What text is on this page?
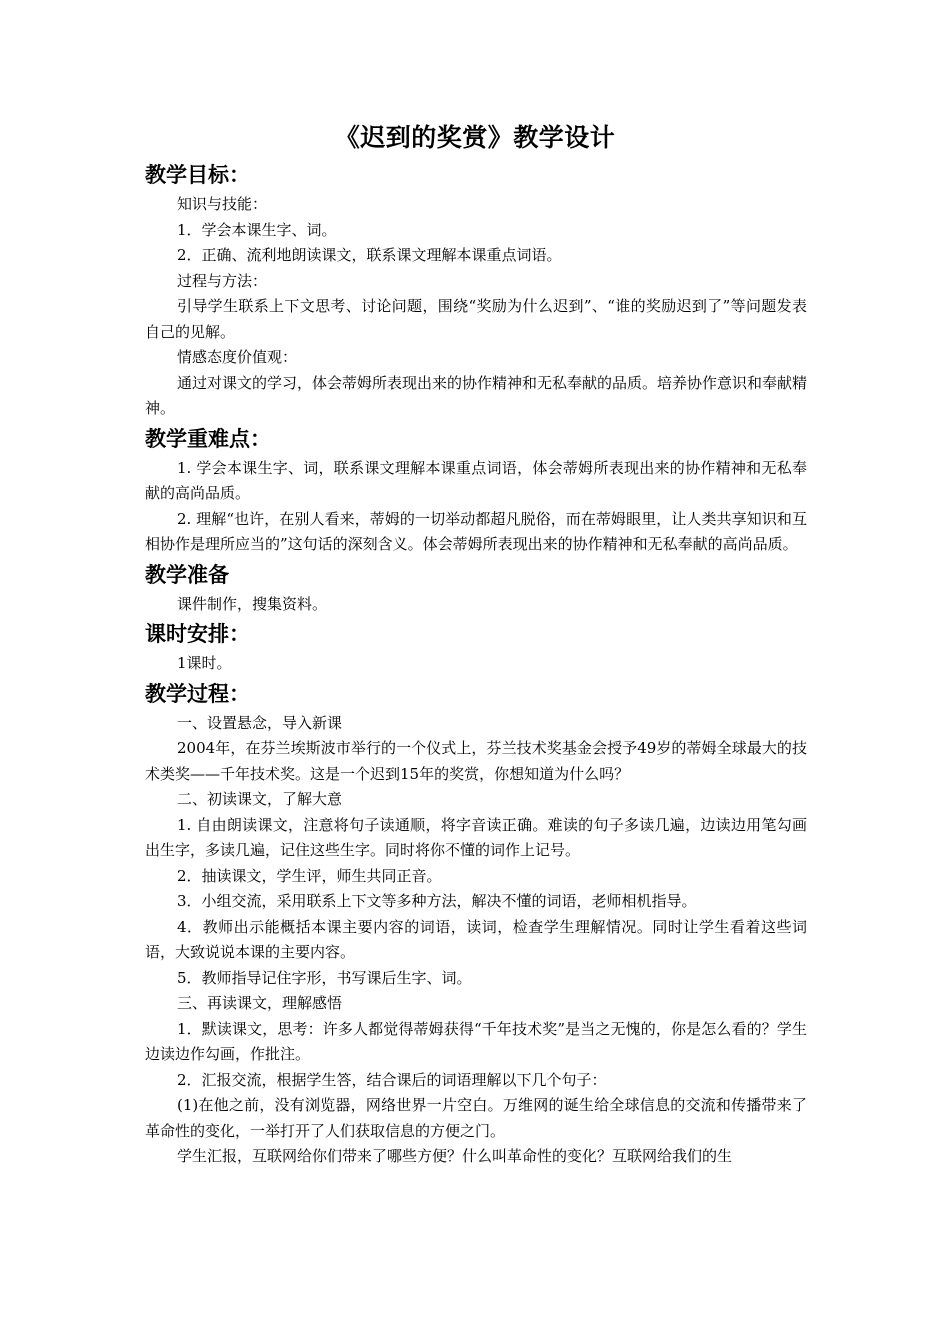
《迟到的奖赏》教学设计
教学目标：

知识与技能：

1．学会本课生字、词。

2．正确、流利地朗读课文，联系课文理解本课重点词语。

过程与方法：

引导学生联系上下文思考、讨论问题，围绕“奖励为什么迟到”、“谁的奖励迟到了”等问题发表自己的见解。

情感态度价值观：

通过对课文的学习，体会蒂姆所表现出来的协作精神和无私奉献的品质。培养协作意识和奉献精神。

教学重难点：

1. 学会本课生字、词，联系课文理解本课重点词语，体会蒂姆所表现出来的协作精神和无私奉献的高尚品质。

2. 理解“也许，在别人看来，蒂姆的一切举动都超凡脱俗，而在蒂姆眼里，让人类共享知识和互相协作是理所应当的”这句话的深刻含义。体会蒂姆所表现出来的协作精神和无私奉献的高尚品质。

教学准备

课件制作，搜集资料。

课时安排：

1课时。

教学过程：

一、设置悬念，导入新课

2004年，在芬兰埃斯波市举行的一个仪式上，芬兰技术奖基金会授予49岁的蒂姆全球最大的技术类奖——千年技术奖。这是一个迟到15年的奖赏，你想知道为什么吗？

二、初读课文，了解大意

1. 自由朗读课文，注意将句子读通顺，将字音读正确。难读的句子多读几遍，边读边用笔勾画出生字，多读几遍，记住这些生字。同时将你不懂的词作上记号。

2．抽读课文，学生评，师生共同正音。

3．小组交流，采用联系上下文等多种方法，解决不懂的词语，老师相机指导。

4．教师出示能概括本课主要内容的词语，读词，检查学生理解情况。同时让学生看着这些词语，大致说说本课的主要内容。

5．教师指导记住字形，书写课后生字、词。

三、再读课文，理解感悟

1．默读课文，思考：许多人都觉得蒂姆获得“千年技术奖”是当之无愧的，你是怎么看的？学生边读边作勾画，作批注。

2．汇报交流，根据学生答，结合课后的词语理解以下几个句子：

(1)在他之前，没有浏览器，网络世界一片空白。万维网的诞生给全球信息的交流和传播带来了革命性的变化，一举打开了人们获取信息的方便之门。

学生汇报，互联网给你们带来了哪些方便？什么叫革命性的变化？互联网给我们的生
